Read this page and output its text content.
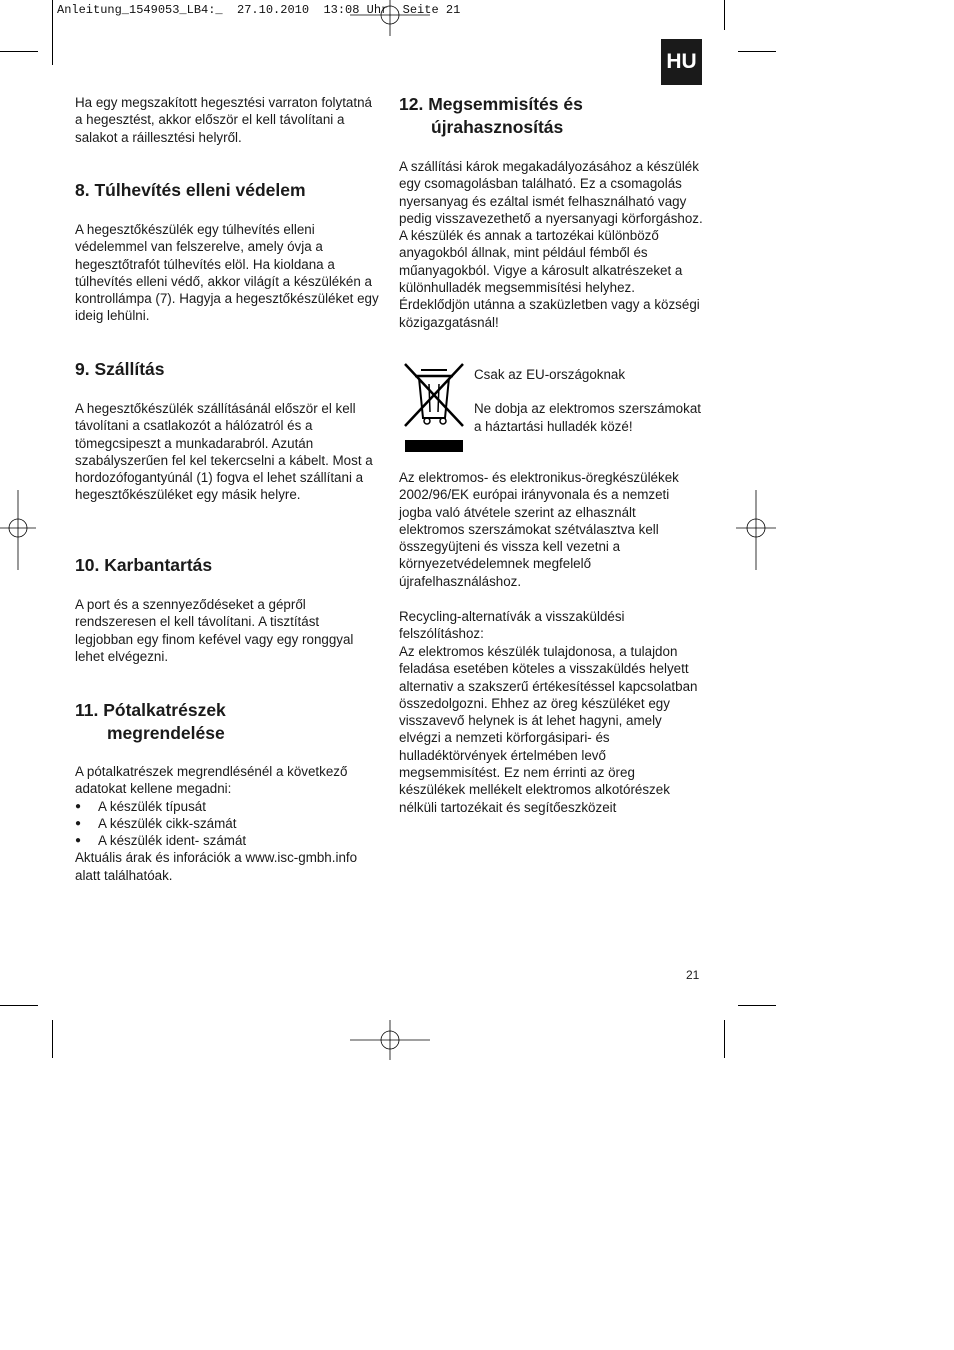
Anleitung_1549053_LB4:_  27.10.2010  13:08 Uhr  Seite 21
HU

Ha egy megszakított hegesztési varraton folytatná a hegesztést, akkor először el kell távolítani a salakot a ráillesztési helyről.

8. Túlhevítés elleni védelem

A hegesztőkészülék egy túlhevítés elleni védelemmel van felszerelve, amely óvja a hegesztőtrafót túlhevítés elöl. Ha kioldana a túlhevítés elleni védő, akkor világít a készülékén a kontrollámpa (7). Hagyja a hegesztőkészüléket egy ideig lehülni.

9. Szállítás

A hegesztőkészülék szállításánál először el kell távolítani a csatlakozót a hálózatról és a tömegcsipeszt a munkadarabról. Azután szabályszerűen fel kel tekercselni a kábelt. Most a hordozófogantyúnál (1) fogva el lehet szállítani a hegesztőkészüléket egy másik helyre.

10. Karbantartás

A port és a szennyeződéseket a gépről rendszeresen el kell távolítani. A tisztítást legjobban egy finom kefével vagy egy ronggyal lehet elvégezni.

11. Pótalkatrészek
megrendelése

A pótalkatrészek megrendlésénél a következő adatokat kellene megadni:

● A készülék típusát
● A készülék cikk-számát
● A készülék ident- számát

Aktuális árak és inforációk a www.isc-gmbh.info alatt találhatóak.

12. Megsemmisítés és
újrahasznosítás

A szállítási károk megakadályozásához a készülék egy csomagolásban található. Ez a csomagolás nyersanyag és ezáltal ismét felhasználható vagy pedig visszavezethető a nyersanyagi körforgáshoz. A készülék és annak a tartozékai különböző anyagokból állnak, mint például fémből és műanyagokból. Vigye a károsult alkatrészeket a különhulladék megsemmisítési helyhez. Érdeklődjön utánna a szaküzletben vagy a községi közigazgatásnál!

Csak az EU-országoknak

Ne dobja az elektromos szerszámokat a háztartási hulladék közé!

Az elektromos- és elektronikus-öregkészülékek 2002/96/EK európai irányvonala és a nemzeti jogba való átvétele szerint az elhasznált elektromos szerszámokat szétválasztva kell összegyüjteni és vissza kell vezetni a környezetvédelemnek megfelelő újrafelhasználáshoz.

Recycling-alternatívák a visszaküldési felszólításhoz:

Az elektromos készülék tulajdonosa, a tulajdon feladása esetében köteles a visszaküldés helyett alternativ a szakszerű értékesítéssel kapcsolatban összedolgozni. Ehhez az öreg készüléket egy visszavevő helynek is át lehet hagyni, amely elvégzi a nemzeti körforgásipari- és hulladéktörvények értelmében levő megsemmisítést. Ez nem érrinti az öreg készülékek mellékelt elektromos alkotórészek nélküli tartozékait és segítőeszközeit

21
